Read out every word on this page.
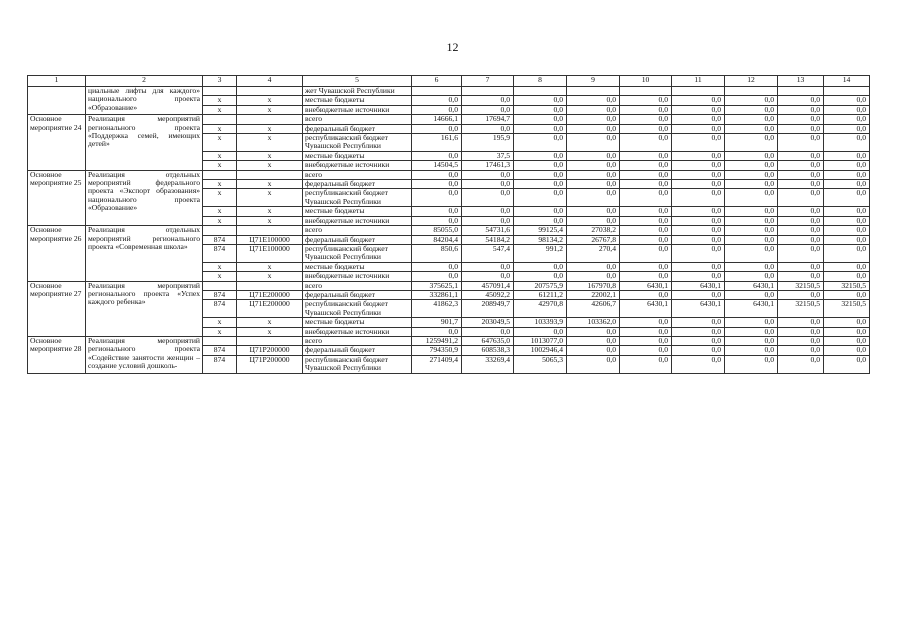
12
1	2	3	4	5	6	7	8	9	10	11	12	13	14
	циальные лифты для каждого» национального проекта «Образование»			жет Чувашской Республики									
		x	x	местные бюджеты	0,0	0,0	0,0	0,0	0,0	0,0	0,0	0,0	0,0
		x	x	внебюджетные источники	0,0	0,0	0,0	0,0	0,0	0,0	0,0	0,0	0,0
Основное мероприятие 24	Реализация мероприятий регионального проекта «Поддержка семей, имеющих детей»			всего	14666,1	17694,7	0,0	0,0	0,0	0,0	0,0	0,0	0,0
		x	x	федеральный бюджет	0,0	0,0	0,0	0,0	0,0	0,0	0,0	0,0	0,0
		x	x	республиканский бюджет Чувашской Республики	161,6	195,9	0,0	0,0	0,0	0,0	0,0	0,0	0,0
		x	x	местные бюджеты	0,0	37,5	0,0	0,0	0,0	0,0	0,0	0,0	0,0
		x	x	внебюджетные источники	14504,5	17461,3	0,0	0,0	0,0	0,0	0,0	0,0	0,0
Основное мероприятие 25	Реализация отдельных мероприятий федерального проекта «Экспорт образования» национального проекта «Образование»			всего	0,0	0,0	0,0	0,0	0,0	0,0	0,0	0,0	0,0
		x	x	федеральный бюджет	0,0	0,0	0,0	0,0	0,0	0,0	0,0	0,0	0,0
		x	x	республиканский бюджет Чувашской Республики	0,0	0,0	0,0	0,0	0,0	0,0	0,0	0,0	0,0
		x	x	местные бюджеты	0,0	0,0	0,0	0,0	0,0	0,0	0,0	0,0	0,0
		x	x	внебюджетные источники	0,0	0,0	0,0	0,0	0,0	0,0	0,0	0,0	0,0
Основное мероприятие 26	Реализация отдельных мероприятий регионального проекта «Современная школа»			всего	85055,0	54731,6	99125,4	27038,2	0,0	0,0	0,0	0,0	0,0
		874	Ц71E100000	федеральный бюджет	84204,4	54184,2	98134,2	26767,8	0,0	0,0	0,0	0,0	0,0
		874	Ц71E100000	республиканский бюджет Чувашской Республики	850,6	547,4	991,2	270,4	0,0	0,0	0,0	0,0	0,0
		x	x	местные бюджеты	0,0	0,0	0,0	0,0	0,0	0,0	0,0	0,0	0,0
		x	x	внебюджетные источники	0,0	0,0	0,0	0,0	0,0	0,0	0,0	0,0	0,0
Основное мероприятие 27	Реализация мероприятий регионального проекта «Успех каждого ребенка»			всего	375625,1	457091,4	207575,9	167970,8	6430,1	6430,1	6430,1	32150,5	32150,5
		874	Ц71E200000	федеральный бюджет	332861,1	45092,2	61211,2	22002,1	0,0	0,0	0,0	0,0	0,0
		874	Ц71E200000	республиканский бюджет Чувашской Республики	41862,3	208949,7	42970,8	42606,7	6430,1	6430,1	6430,1	32150,5	32150,5
		x	x	местные бюджеты	901,7	203049,5	103393,9	103362,0	0,0	0,0	0,0	0,0	0,0
		x	x	внебюджетные источники	0,0	0,0	0,0	0,0	0,0	0,0	0,0	0,0	0,0
Основное мероприятие 28	Реализация мероприятий регионального проекта «Содействие занятости женщин – создание условий дошколь-			всего	1259491,2	647635,0	1013077,0	0,0	0,0	0,0	0,0	0,0	0,0
		874	Ц71P200000	федеральный бюджет	794350,9	608538,3	1002946,4	0,0	0,0	0,0	0,0	0,0	0,0
		874	Ц71P200000	республиканский бюджет Чувашской Республики	271409,4	33269,4	5065,3	0,0	0,0	0,0	0,0	0,0	0,0
